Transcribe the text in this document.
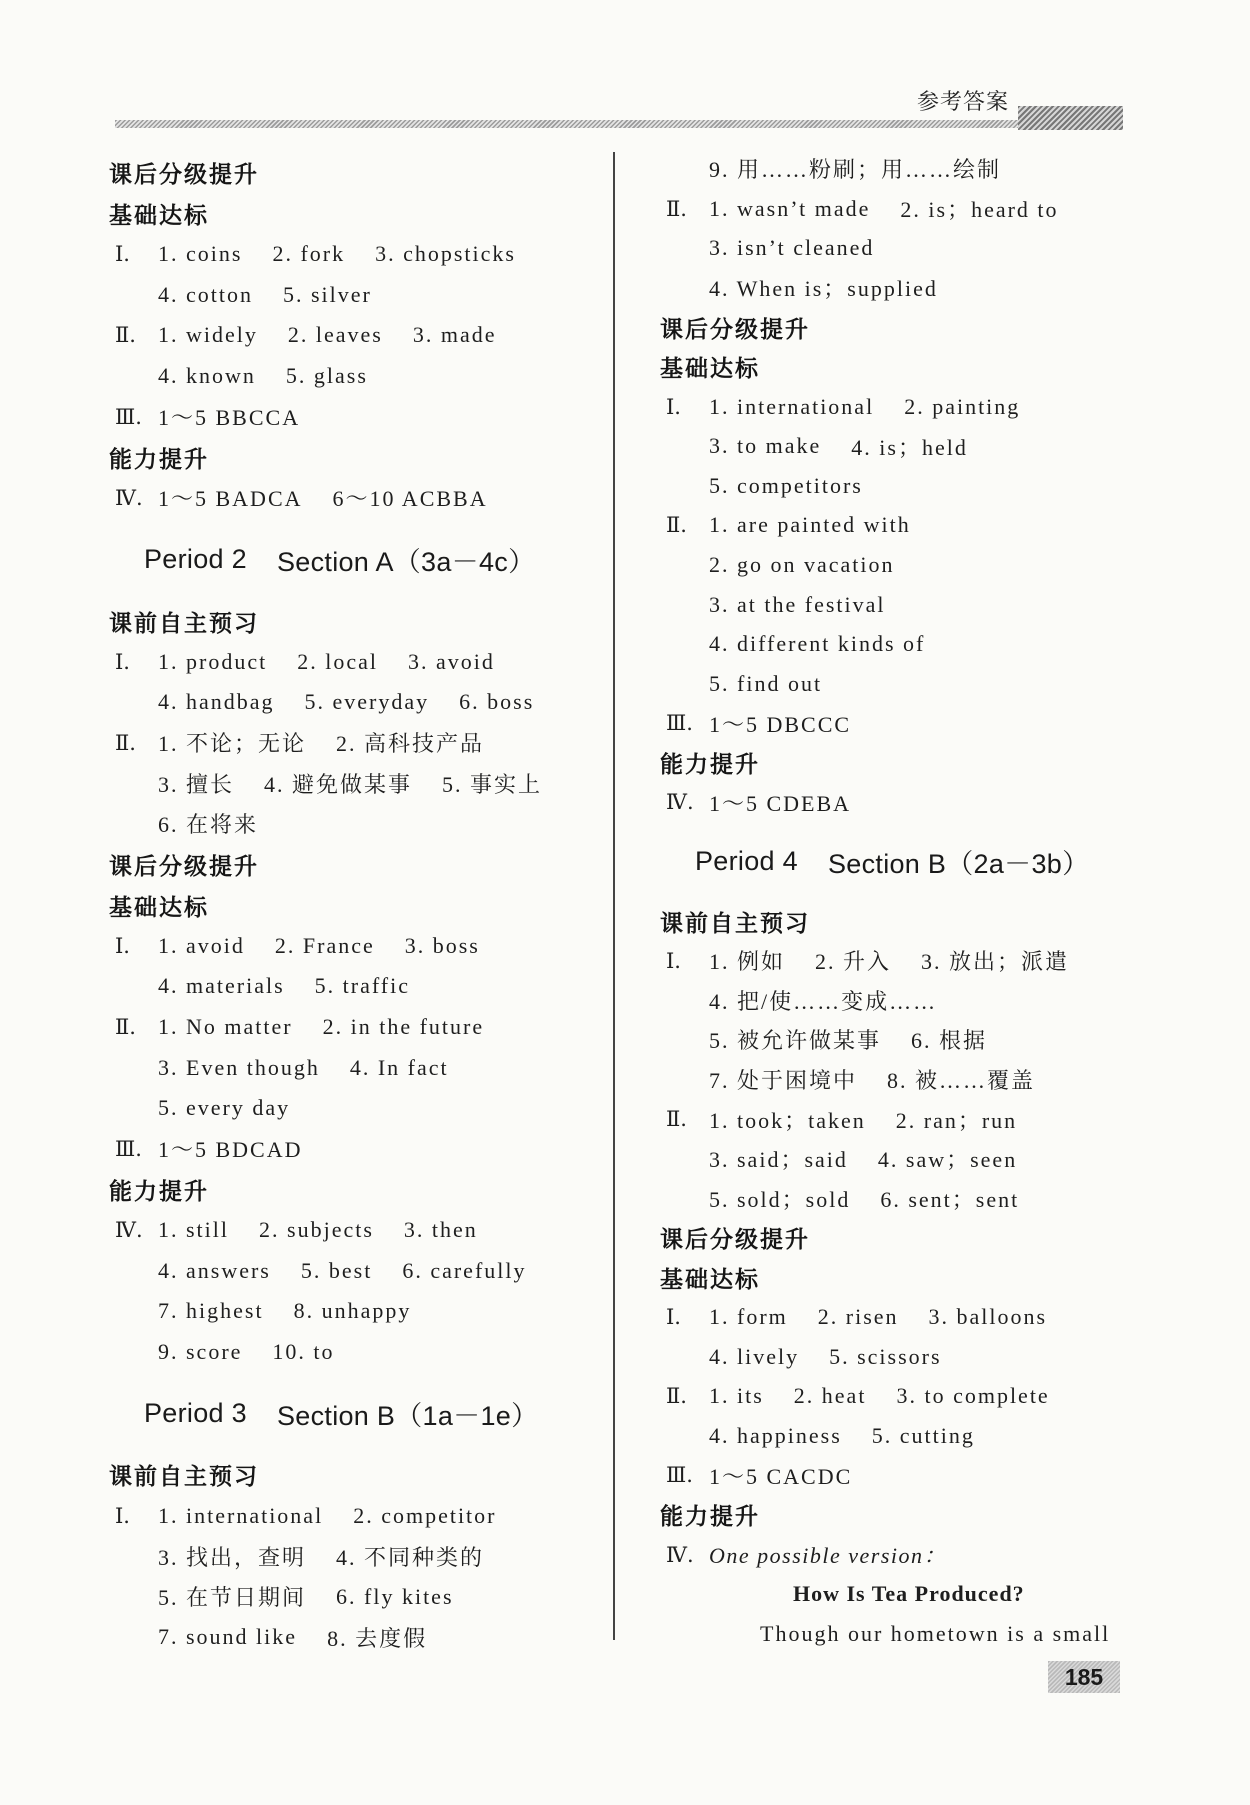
参考答案
课后分级提升
基础达标
Ⅰ.	1. coins 2. fork 3. chopsticks
4. cotton 5. silver
Ⅱ.	1. widely 2. leaves 3. made
4. known 5. glass
Ⅲ. 1～5 BBCCA
能力提升
Ⅳ. 1～5 BADCA 6～10 ACBBA
Period 2 Section A（3a－4c）
课前自主预习
Ⅰ.	1. product 2. local 3. avoid
4. handbag 5. everyday 6. boss
Ⅱ.	1. 不论；无论 2. 高科技产品
3. 擅长 4. 避免做某事 5. 事实上
6. 在将来
课后分级提升
基础达标
Ⅰ.	1. avoid 2. France 3. boss
4. materials 5. traffic
Ⅱ.	1. No matter 2. in the future
3. Even though 4. In fact
5. every day
Ⅲ. 1～5 BDCAD
能力提升
Ⅳ. 1. still 2. subjects 3. then
4. answers 5. best 6. carefully
7. highest 8. unhappy
9. score 10. to
Period 3 Section B（1a－1e）
课前自主预习
Ⅰ.	1. international 2. competitor
3. 找出，查明 4. 不同种类的
5. 在节日期间 6. fly kites
7. sound like 8. 去度假
9. 用……粉刷；用……绘制
Ⅱ.	1. wasn’t made 2. is；heard to
3. isn’t cleaned
4. When is；supplied
课后分级提升
基础达标
Ⅰ.	1. international 2. painting
3. to make 4. is；held
5. competitors
Ⅱ.	1. are painted with
2. go on vacation
3. at the festival
4. different kinds of
5. find out
Ⅲ. 1～5 DBCCC
能力提升
Ⅳ. 1～5 CDEBA
Period 4 Section B（2a－3b）
课前自主预习
Ⅰ.	1. 例如 2. 升入 3. 放出；派遣
4. 把/使……变成……
5. 被允许做某事 6. 根据
7. 处于困境中 8. 被……覆盖
Ⅱ.	1. took；taken 2. ran；run
3. said；said 4. saw；seen
5. sold；sold 6. sent；sent
课后分级提升
基础达标
Ⅰ.	1. form 2. risen 3. balloons
4. lively 5. scissors
Ⅱ.	1. its 2. heat 3. to complete
4. happiness 5. cutting
Ⅲ. 1～5 CACDC
能力提升
Ⅳ. One possible version：
How Is Tea Produced?
Though our hometown is a small
185
